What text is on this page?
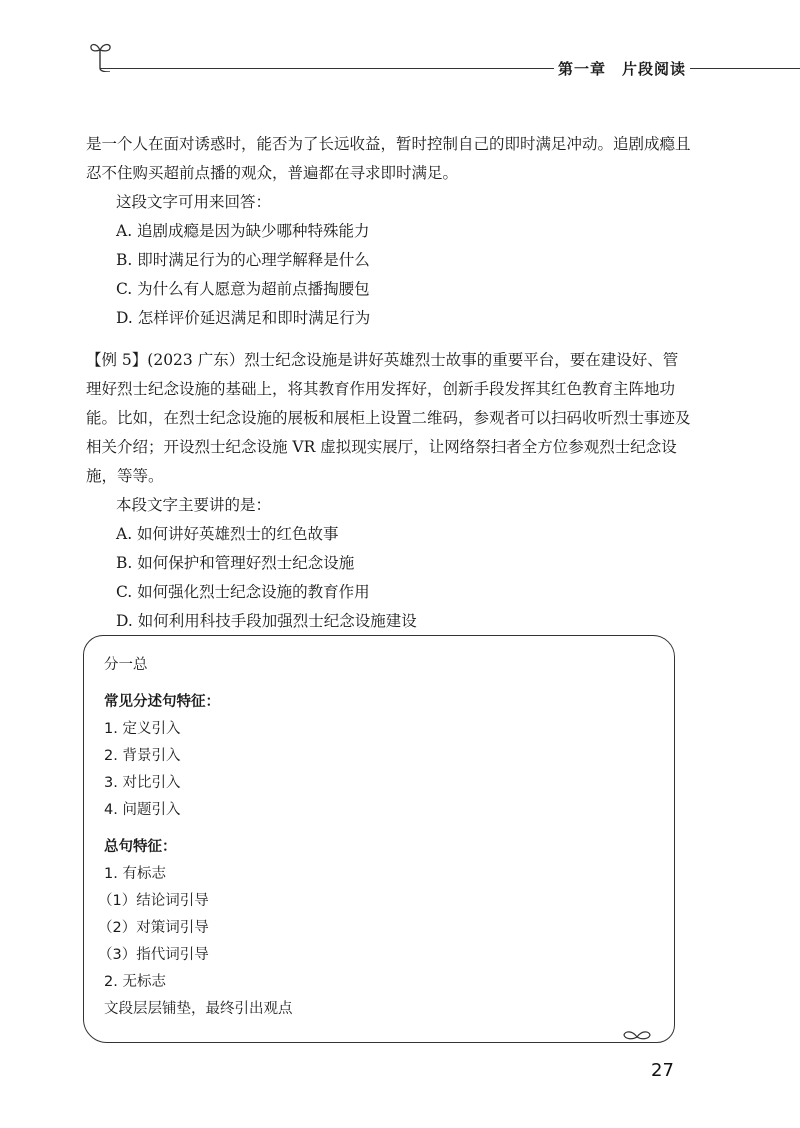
第一章 片段阅读

是一个人在面对诱惑时，能否为了长远收益，暂时控制自己的即时满足冲动。追剧成瘾且忍不住购买超前点播的观众，普遍都在寻求即时满足。

这段文字可用来回答：

A. 追剧成瘾是因为缺少哪种特殊能力

B. 即时满足行为的心理学解释是什么

C. 为什么有人愿意为超前点播掏腰包

D. 怎样评价延迟满足和即时满足行为

【例 5】(2023 广东）烈士纪念设施是讲好英雄烈士故事的重要平台，要在建设好、管理好烈士纪念设施的基础上，将其教育作用发挥好，创新手段发挥其红色教育主阵地功能。比如，在烈士纪念设施的展板和展柜上设置二维码，参观者可以扫码收听烈士事迹及相关介绍；开设烈士纪念设施 VR 虚拟现实展厅，让网络祭扫者全方位参观烈士纪念设施，等等。

本段文字主要讲的是：

A. 如何讲好英雄烈士的红色故事

B. 如何保护和管理好烈士纪念设施

C. 如何强化烈士纪念设施的教育作用

D. 如何利用科技手段加强烈士纪念设施建设

分一总
常见分述句特征：
1. 定义引入
2. 背景引入
3. 对比引入
4. 问题引入
总句特征：
1. 有标志
（1）结论词引导
（2）对策词引导
（3）指代词引导
2. 无标志
文段层层铺垫，最终引出观点
27
